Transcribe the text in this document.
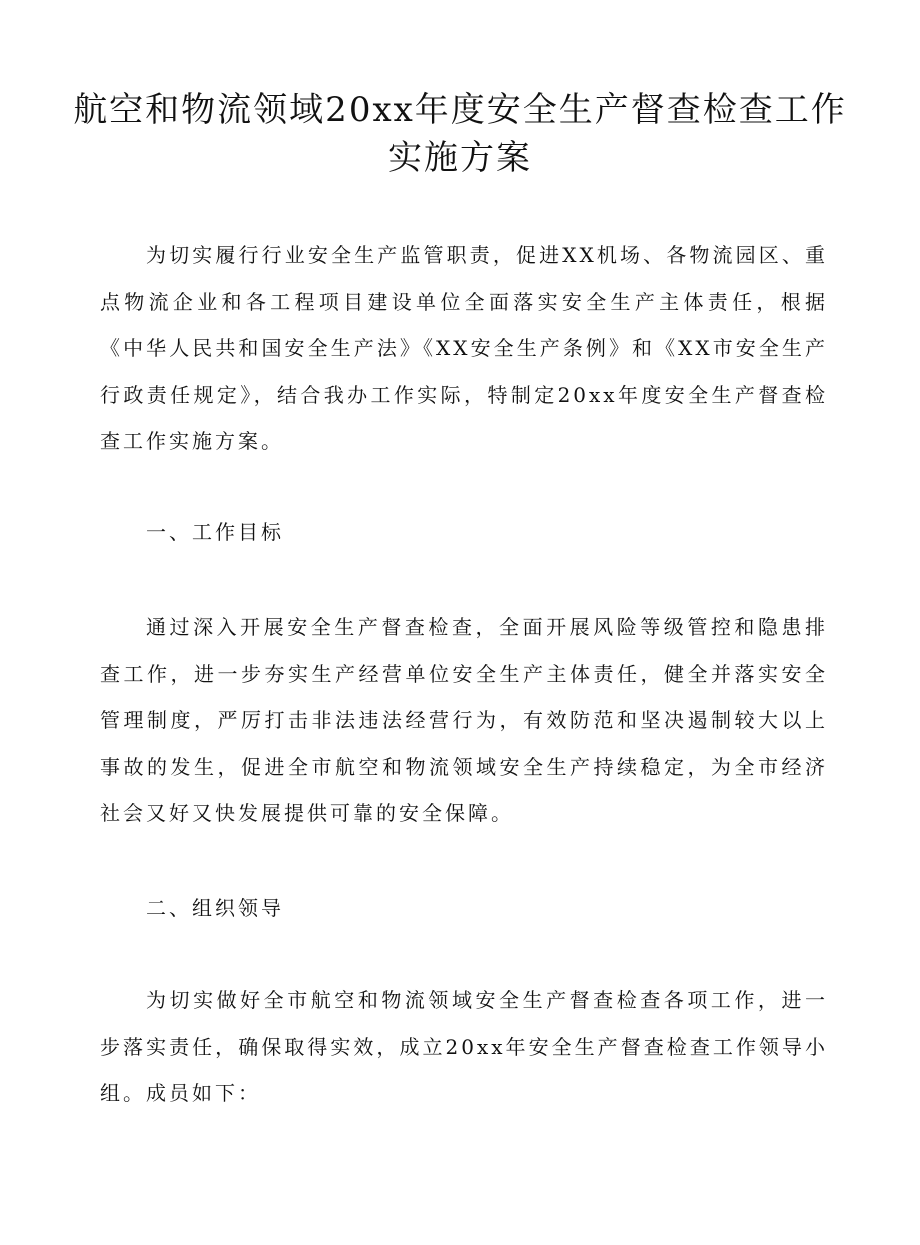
航空和物流领域20xx年度安全生产督查检查工作实施方案

为切实履行行业安全生产监管职责，促进XX机场、各物流园区、重点物流企业和各工程项目建设单位全面落实安全生产主体责任，根据《中华人民共和国安全生产法》《XX安全生产条例》和《XX市安全生产行政责任规定》，结合我办工作实际，特制定20xx年度安全生产督查检查工作实施方案。

一、工作目标

通过深入开展安全生产督查检查，全面开展风险等级管控和隐患排查工作，进一步夯实生产经营单位安全生产主体责任，健全并落实安全管理制度，严厉打击非法违法经营行为，有效防范和坚决遏制较大以上事故的发生，促进全市航空和物流领域安全生产持续稳定，为全市经济社会又好又快发展提供可靠的安全保障。

二、组织领导

为切实做好全市航空和物流领域安全生产督查检查各项工作，进一步落实责任，确保取得实效，成立20xx年安全生产督查检查工作领导小组。成员如下：
